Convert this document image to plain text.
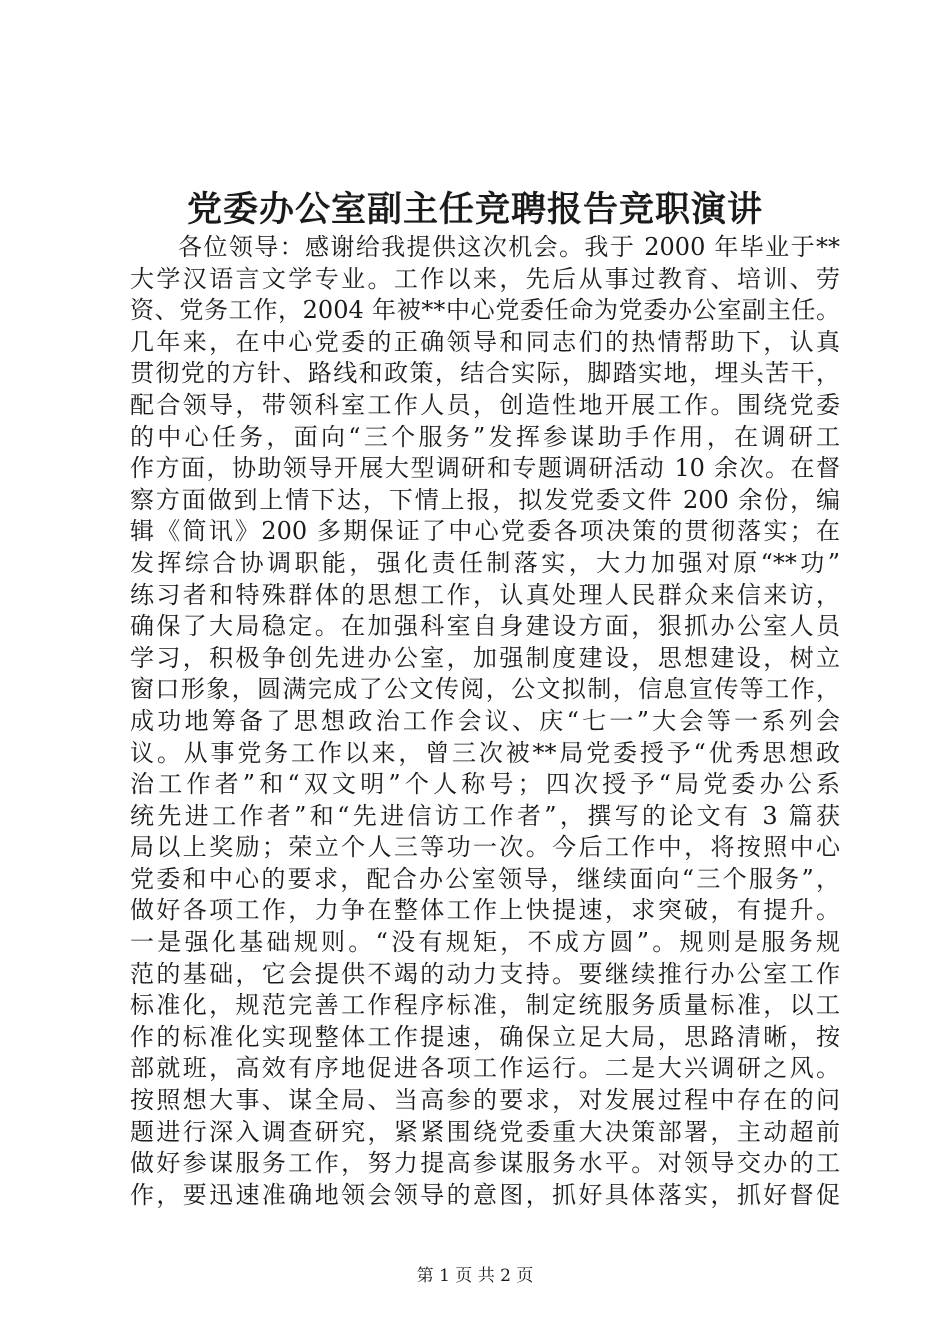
党委办公室副主任竞聘报告竞职演讲
各位领导：感谢给我提供这次机会。我于 2000 年毕业于**
大学汉语言文学专业。工作以来，先后从事过教育、培训、劳
资、党务工作，2004 年被**中心党委任命为党委办公室副主任。
几年来，在中心党委的正确领导和同志们的热情帮助下，认真
贯彻党的方针、路线和政策，结合实际，脚踏实地，埋头苦干，
配合领导，带领科室工作人员，创造性地开展工作。围绕党委
的中心任务，面向“三个服务”发挥参谋助手作用，在调研工
作方面，协助领导开展大型调研和专题调研活动 10 余次。在督
察方面做到上情下达，下情上报，拟发党委文件 200 余份，编
辑《简讯》200 多期保证了中心党委各项决策的贯彻落实；在
发挥综合协调职能，强化责任制落实，大力加强对原“**功”
练习者和特殊群体的思想工作，认真处理人民群众来信来访，
确保了大局稳定。在加强科室自身建设方面，狠抓办公室人员
学习，积极争创先进办公室，加强制度建设，思想建设，树立
窗口形象，圆满完成了公文传阅，公文拟制，信息宣传等工作，
成功地筹备了思想政治工作会议、庆“七一”大会等一系列会
议。从事党务工作以来，曾三次被**局党委授予“优秀思想政
治工作者”和“双文明”个人称号；四次授予“局党委办公系
统先进工作者”和“先进信访工作者”，撰写的论文有 3 篇获
局以上奖励；荣立个人三等功一次。今后工作中，将按照中心
党委和中心的要求，配合办公室领导，继续面向“三个服务”，
做好各项工作，力争在整体工作上快提速，求突破，有提升。
一是强化基础规则。“没有规矩，不成方圆”。规则是服务规
范的基础，它会提供不竭的动力支持。要继续推行办公室工作
标准化，规范完善工作程序标准，制定统服务质量标准，以工
作的标准化实现整体工作提速，确保立足大局，思路清晰，按
部就班，高效有序地促进各项工作运行。二是大兴调研之风。
按照想大事、谋全局、当高参的要求，对发展过程中存在的问
题进行深入调查研究，紧紧围绕党委重大决策部署，主动超前
做好参谋服务工作，努力提高参谋服务水平。对领导交办的工
作，要迅速准确地领会领导的意图，抓好具体落实，抓好督促
第 1 页 共 2 页
